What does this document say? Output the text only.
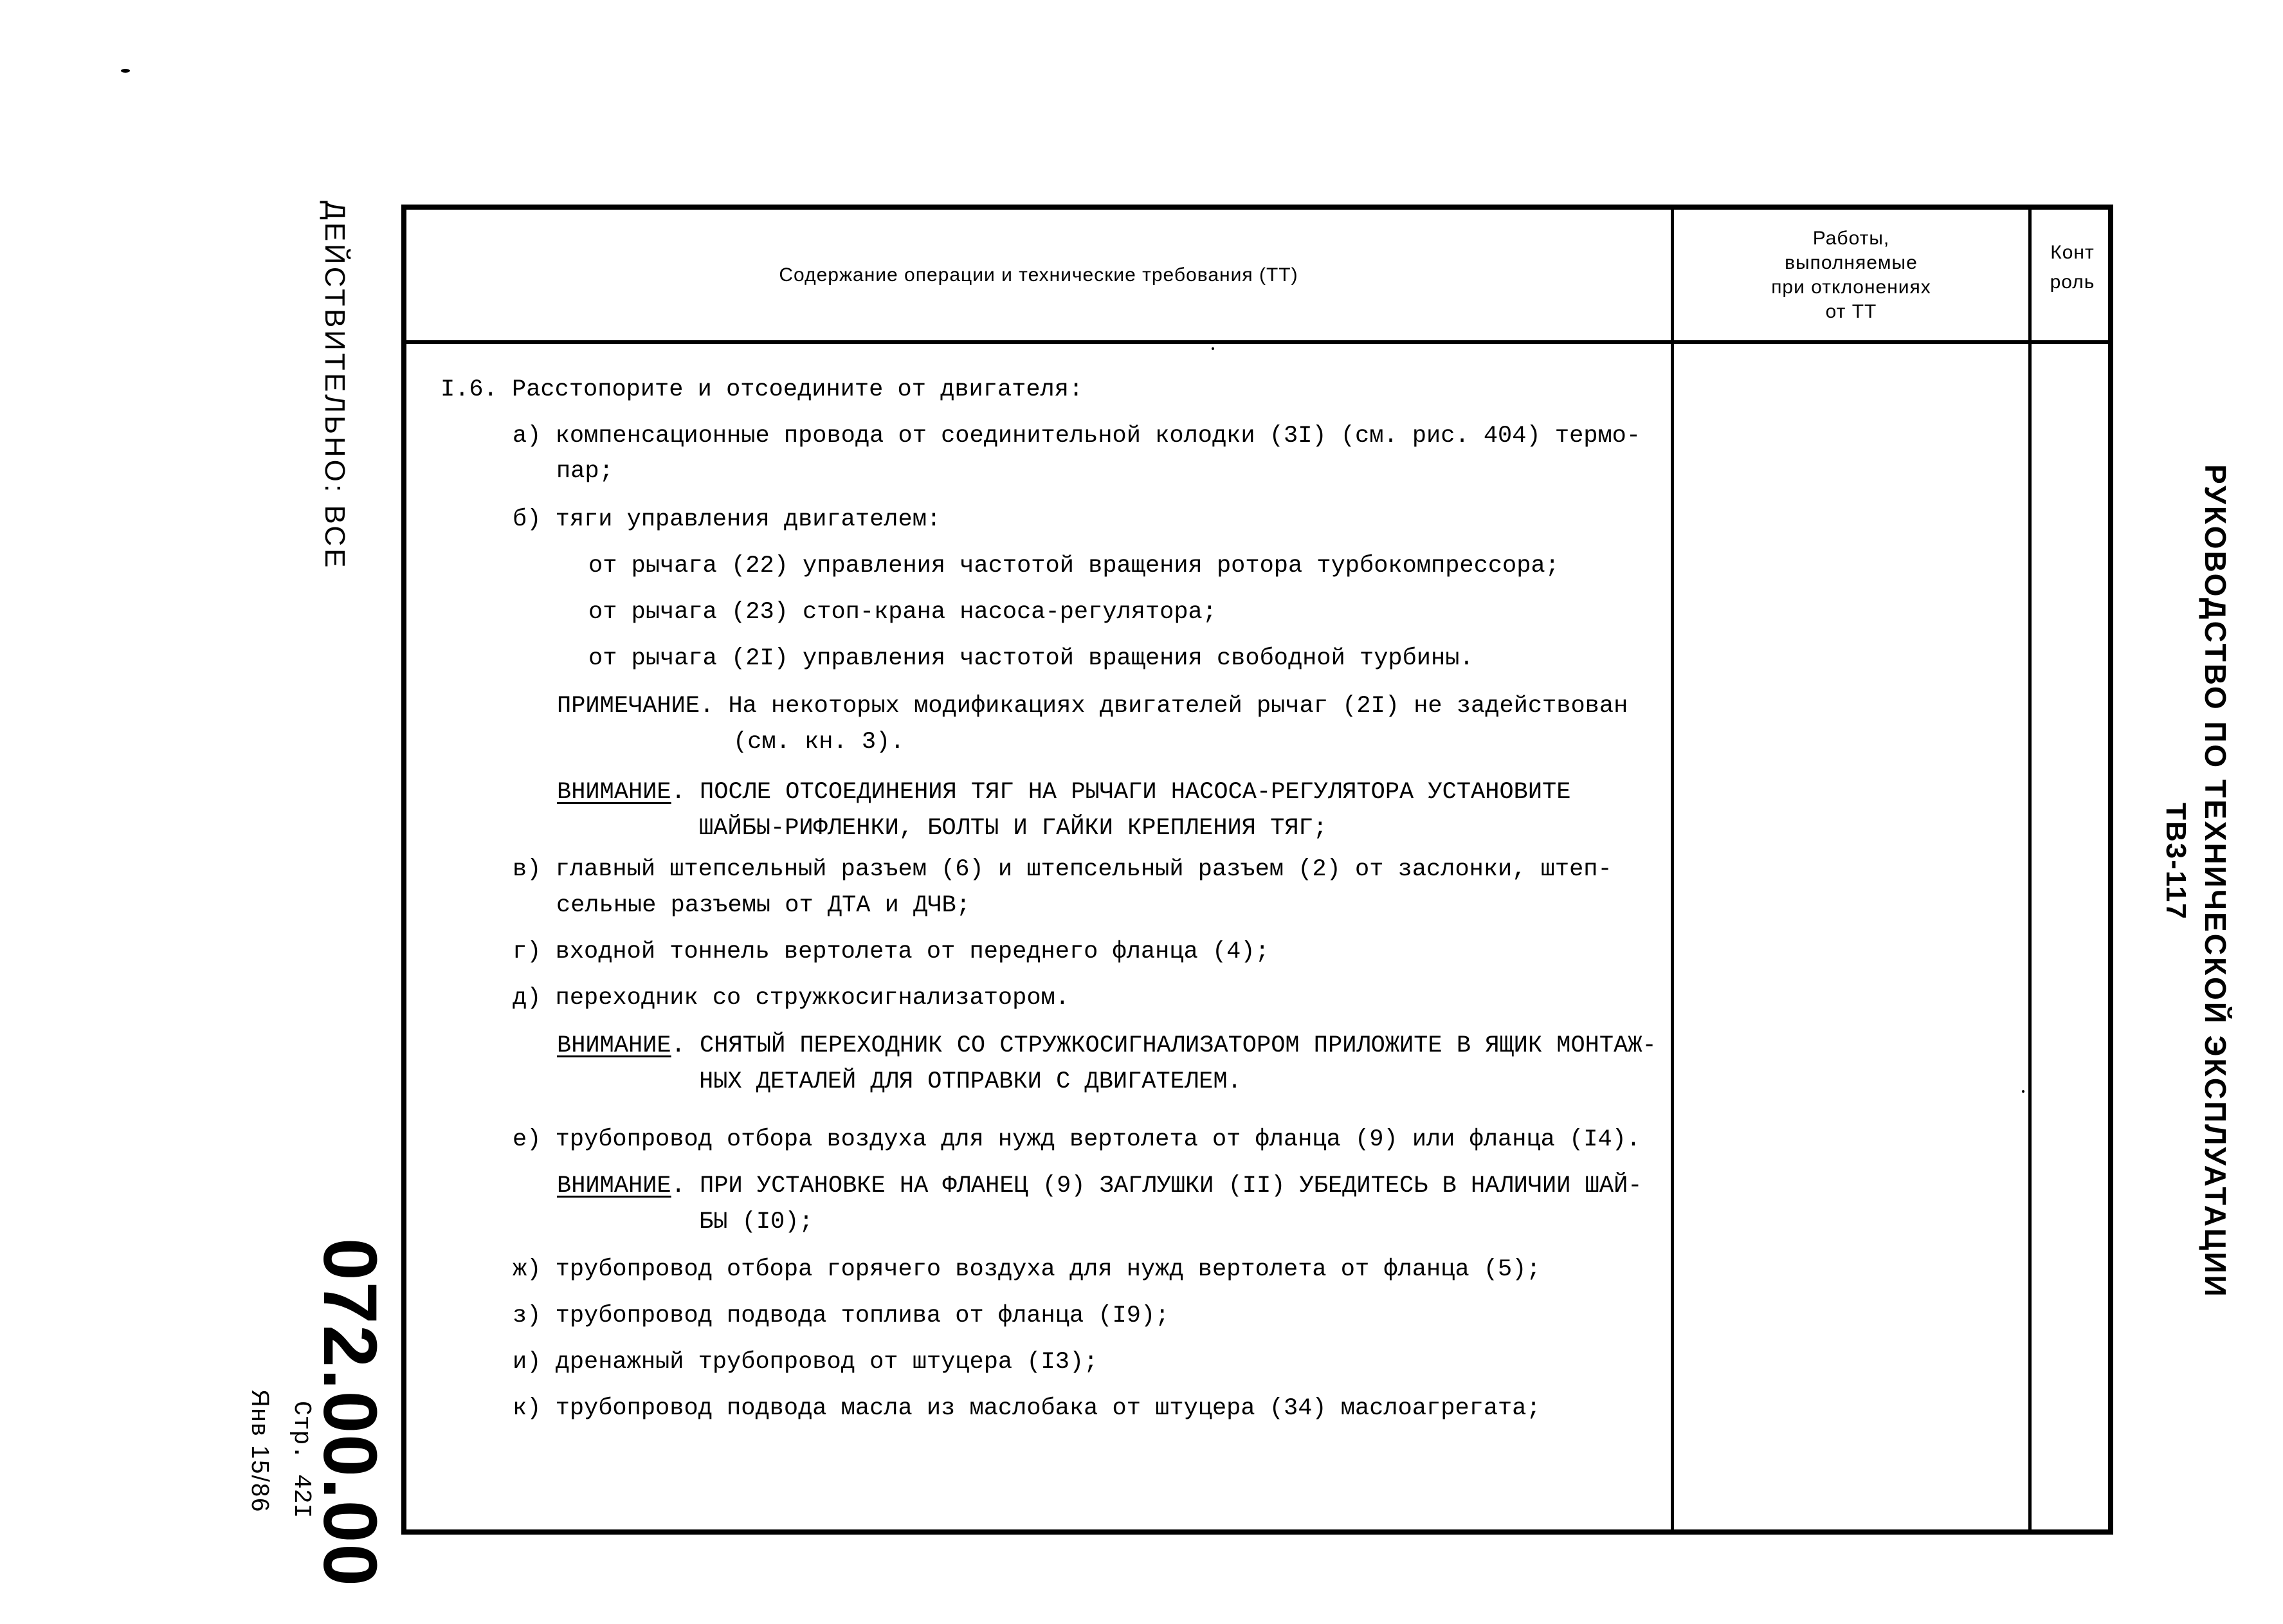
ДЕЙСТВИТЕЛЬНО: ВСЕ
072.00.00
Стр. 42I
Янв 15/86
РУКОВОДСТВО ПО ТЕХНИЧЕСКОЙ ЭКСПЛУАТАЦИИ
ТВ3-117
Содержание операции и технические требования (ТТ)
Работы,
выполняемые
при отклонениях
от ТТ
Конт
роль
I.6. Расстопорите и отсоедините от двигателя:
а) компенсационные провода от соединительной колодки (3I) (см. рис. 404) термо-
пар;
б) тяги управления двигателем:
от рычага (22) управления частотой вращения ротора турбокомпрессора;
от рычага (23) стоп-крана насоса-регулятора;
от рычага (2I) управления частотой вращения свободной турбины.
ПРИМЕЧАНИЕ. На некоторых модификациях двигателей рычаг (2I) не задействован
(см. кн. 3).
в) главный штепсельный разъем (6) и штепсельный разъем (2) от заслонки, штеп-
сельные разъемы от ДТА и ДЧВ;
г) входной тоннель вертолета от переднего фланца (4);
д) переходник со стружкосигнализатором.
е) трубопровод отбора воздуха для нужд вертолета от фланца (9) или фланца (I4).
ж) трубопровод отбора горячего воздуха для нужд вертолета от фланца (5);
з) трубопровод подвода топлива от фланца (I9);
и) дренажный трубопровод от штуцера (I3);
к) трубопровод подвода масла из маслобака от штуцера (34) маслоагрегата;
ВНИМАНИЕ. ПОСЛЕ ОТСОЕДИНЕНИЯ ТЯГ НА РЫЧАГИ НАСОСА-РЕГУЛЯТОРА УСТАНОВИТЕ
ШАЙБЫ-РИФЛЕНКИ, БОЛТЫ И ГАЙКИ КРЕПЛЕНИЯ ТЯГ;
ВНИМАНИЕ. СНЯТЫЙ ПЕРЕХОДНИК СО СТРУЖКОСИГНАЛИЗАТОРОМ ПРИЛОЖИТЕ В ЯЩИК МОНТАЖ-
НЫХ ДЕТАЛЕЙ ДЛЯ ОТПРАВКИ С ДВИГАТЕЛЕМ.
ВНИМАНИЕ. ПРИ УСТАНОВКЕ НА ФЛАНЕЦ (9) ЗАГЛУШКИ (II) УБЕДИТЕСЬ В НАЛИЧИИ ШАЙ-
БЫ (I0);
